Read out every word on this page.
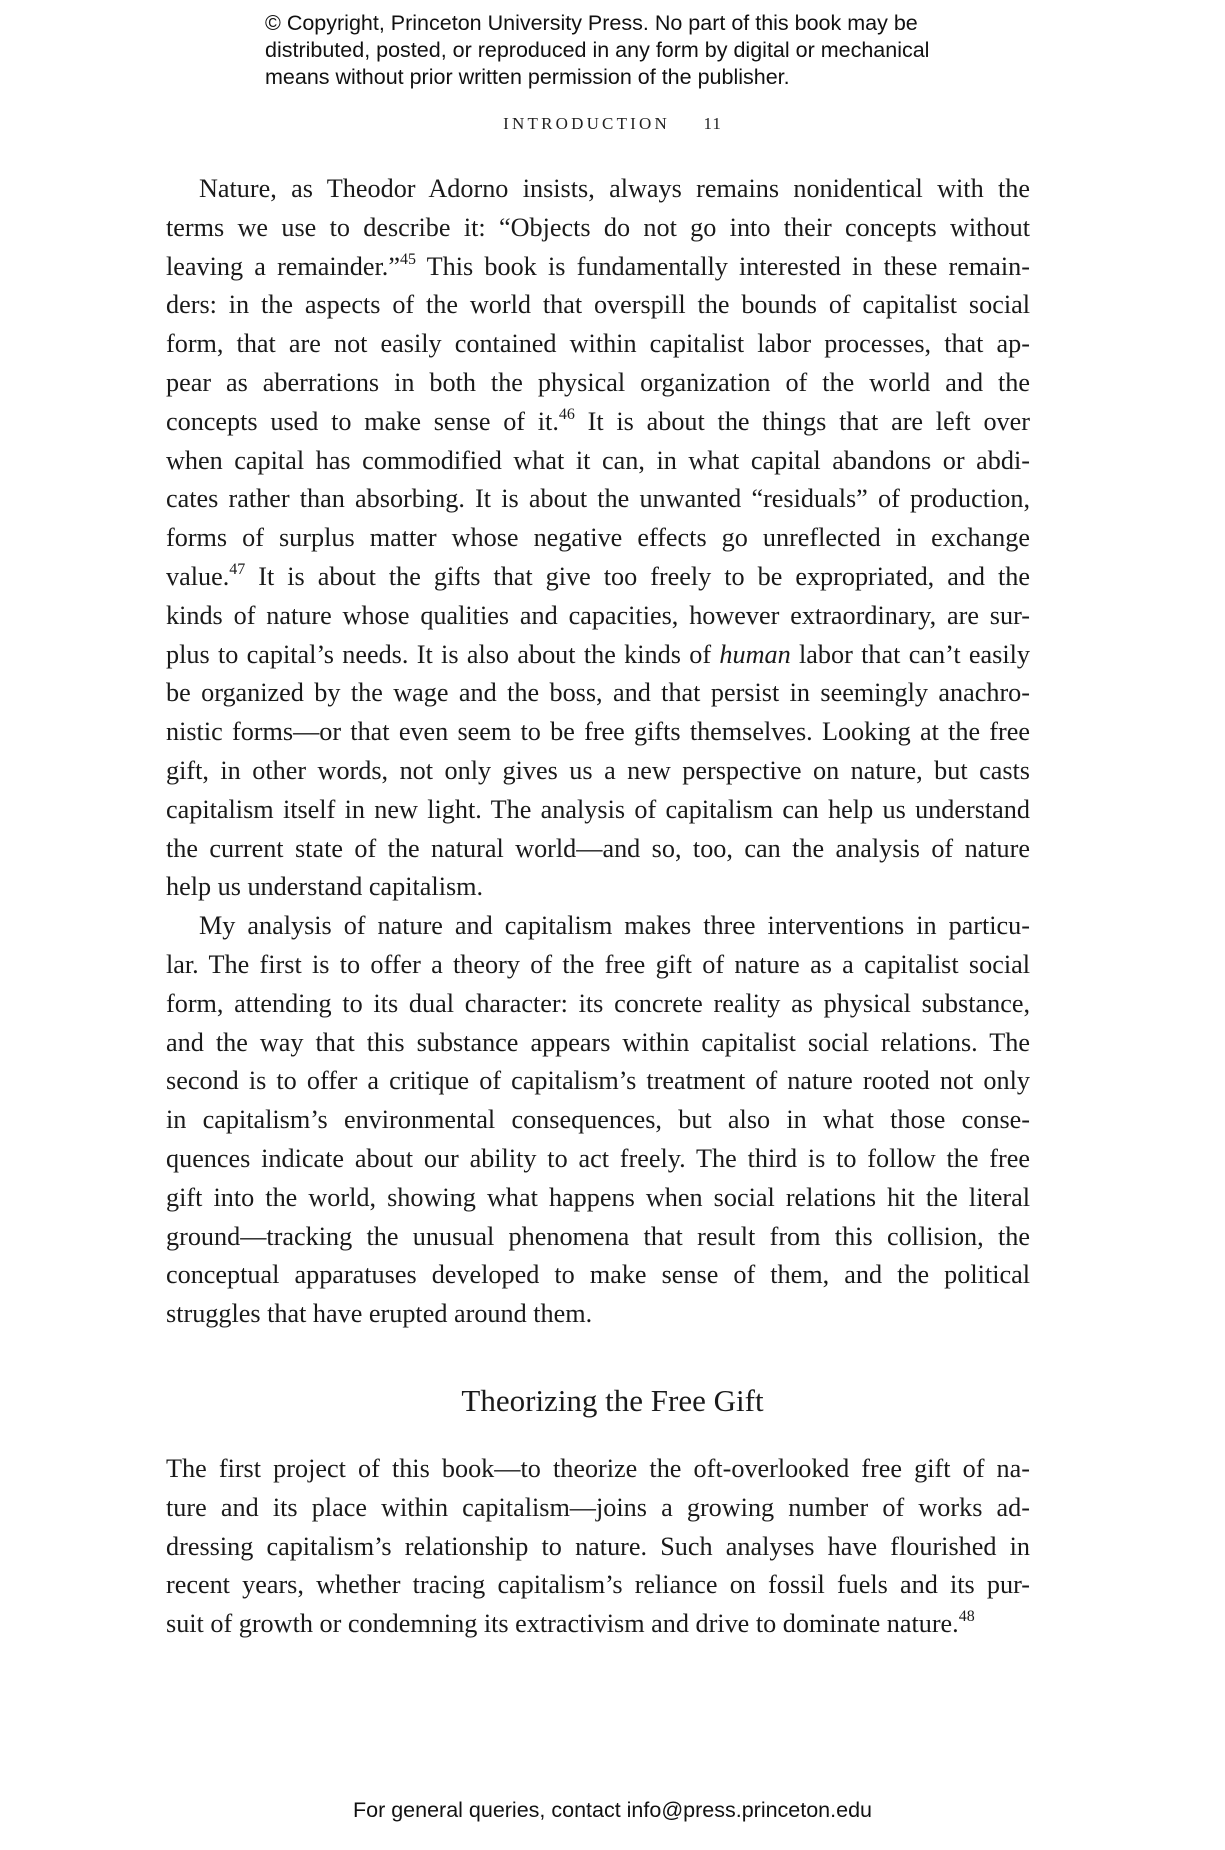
© Copyright, Princeton University Press. No part of this book may be
distributed, posted, or reproduced in any form by digital or mechanical
means without prior written permission of the publisher.
INTRODUCTION 11
Nature, as Theodor Adorno insists, always remains nonidentical with the
terms we use to describe it: “Objects do not go into their concepts without
leaving a remainder.”$^{45}$ This book is fundamentally interested in these remain-
ders: in the aspects of the world that overspill the bounds of capitalist social
form, that are not easily contained within capitalist labor processes, that ap-
pear as aberrations in both the physical organization of the world and the
concepts used to make sense of it.$^{46}$ It is about the things that are left over
when capital has commodified what it can, in what capital abandons or abdi-
cates rather than absorbing. It is about the unwanted “residuals” of production,
forms of surplus matter whose negative effects go unreflected in exchange
value.$^{47}$ It is about the gifts that give too freely to be expropriated, and the
kinds of nature whose qualities and capacities, however extraordinary, are sur-
plus to capital’s needs. It is also about the kinds of human labor that can’t easily
be organized by the wage and the boss, and that persist in seemingly anachro-
nistic forms—or that even seem to be free gifts themselves. Looking at the free
gift, in other words, not only gives us a new perspective on nature, but casts
capitalism itself in new light. The analysis of capitalism can help us understand
the current state of the natural world—and so, too, can the analysis of nature
help us understand capitalism.
My analysis of nature and capitalism makes three interventions in particu-
lar. The first is to offer a theory of the free gift of nature as a capitalist social
form, attending to its dual character: its concrete reality as physical substance,
and the way that this substance appears within capitalist social relations. The
second is to offer a critique of capitalism’s treatment of nature rooted not only
in capitalism’s environmental consequences, but also in what those conse-
quences indicate about our ability to act freely. The third is to follow the free
gift into the world, showing what happens when social relations hit the literal
ground—tracking the unusual phenomena that result from this collision, the
conceptual apparatuses developed to make sense of them, and the political
struggles that have erupted around them.
Theorizing the Free Gift
The first project of this book—to theorize the oft-overlooked free gift of na-
ture and its place within capitalism—joins a growing number of works ad-
dressing capitalism’s relationship to nature. Such analyses have flourished in
recent years, whether tracing capitalism’s reliance on fossil fuels and its pur-
suit of growth or condemning its extractivism and drive to dominate nature.$^{48}$
For general queries, contact info@press.princeton.edu
